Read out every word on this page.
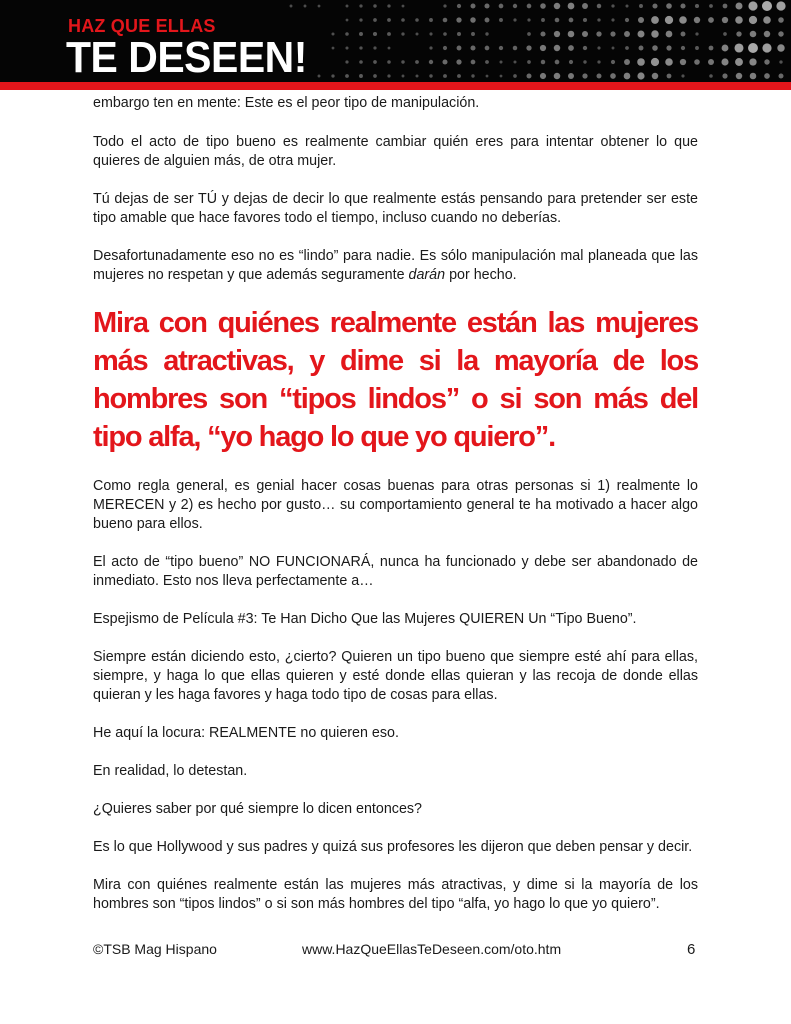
HAZ QUE ELLAS
TE DESEEN!

embargo ten en mente: Este es el peor tipo de manipulación.

Todo el acto de tipo bueno es realmente cambiar quién eres para intentar obtener lo que quieres de alguien más, de otra mujer.

Tú dejas de ser TÚ y dejas de decir lo que realmente estás pensando para pretender ser este tipo amable que hace favores todo el tiempo, incluso cuando no deberías.

Desafortunadamente eso no es “lindo” para nadie. Es sólo manipulación mal planeada que las mujeres no respetan y que además seguramente darán por hecho.

Mira con quiénes realmente están las mujeres más atractivas, y dime si la mayoría de los hombres son “tipos lindos” o si son más del tipo alfa, “yo hago lo que yo quiero”.

Como regla general, es genial hacer cosas buenas para otras personas si 1) realmente lo MERECEN y 2) es hecho por gusto… su comportamiento general te ha motivado a hacer algo bueno para ellos.

El acto de “tipo bueno” NO FUNCIONARÁ, nunca ha funcionado y debe ser abandonado de inmediato. Esto nos lleva perfectamente a…

Espejismo de Película #3: Te Han Dicho Que las Mujeres QUIEREN Un “Tipo Bueno”.

Siempre están diciendo esto, ¿cierto? Quieren un tipo bueno que siempre esté ahí para ellas, siempre, y haga lo que ellas quieren y esté donde ellas quieran y las recoja de donde ellas quieran y les haga favores y haga todo tipo de cosas para ellas.

He aquí la locura: REALMENTE no quieren eso.

En realidad, lo detestan.

¿Quieres saber por qué siempre lo dicen entonces?

Es lo que Hollywood y sus padres y quizá sus profesores les dijeron que deben pensar y decir.

Mira con quiénes realmente están las mujeres más atractivas, y dime si la mayoría de los hombres son “tipos lindos” o si son más hombres del tipo “alfa, yo hago lo que yo quiero”.

©TSB Mag Hispano	www.HazQueEllasTeDeseen.com/oto.htm	6
